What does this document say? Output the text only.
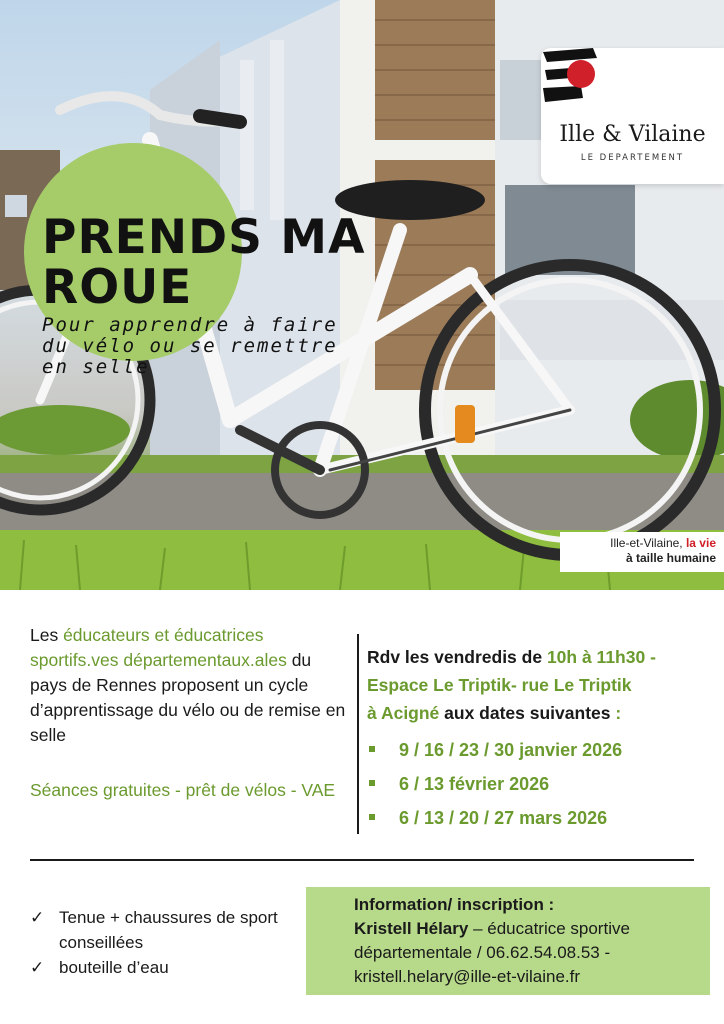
Ille & Vilaine
LE DEPARTEMENT
PRENDS MA
ROUE
Pour apprendre à faire
du vélo ou se remettre
en selle
Ille-et-Vilaine, la vie
à taille humaine
Les éducateurs et éducatrices sportifs.ves départementaux.ales du pays de Rennes proposent un cycle d’apprentissage du vélo ou de remise en selle
Séances gratuites - prêt de vélos - VAE
Rdv les vendredis de 10h à 11h30 -
Espace Le Triptik- rue Le Triptik
à Acigné aux dates suivantes :
9 / 16 / 23 / 30 janvier 2026
6 / 13 février 2026
6 / 13 / 20 / 27 mars 2026
✓ Tenue + chaussures de sport conseillées
✓ bouteille d’eau
Information/ inscription :
Kristell Hélary – éducatrice sportive départementale / 06.62.54.08.53 -
kristell.helary@ille-et-vilaine.fr
